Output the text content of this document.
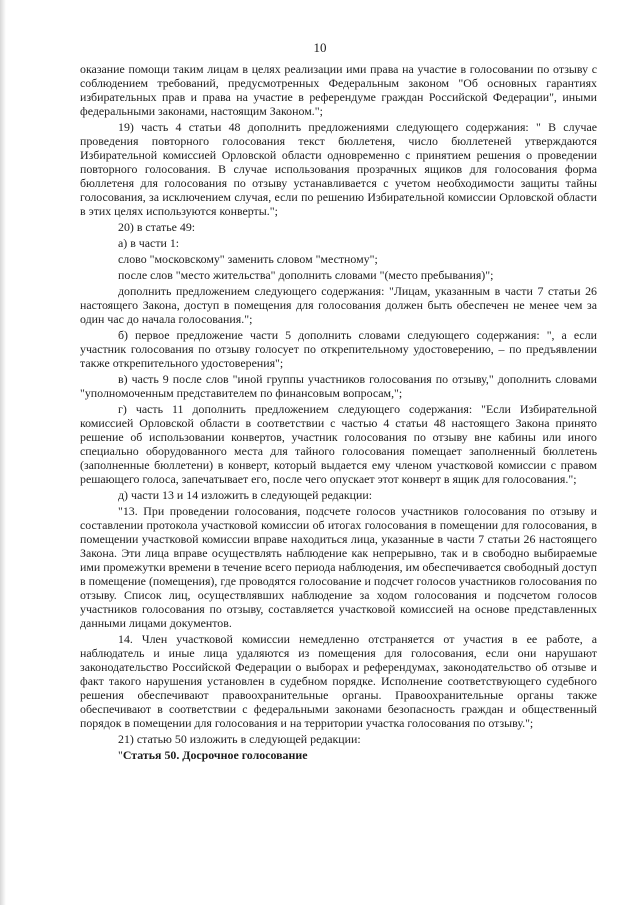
10

оказание помощи таким лицам в целях реализации ими права на участие в голосовании по отзыву с соблюдением требований, предусмотренных Федеральным законом "Об основных гарантиях избирательных прав и права на участие в референдуме граждан Российской Федерации", иными федеральными законами, настоящим Законом.";

19) часть 4 статьи 48 дополнить предложениями следующего содержания: " В случае проведения повторного голосования текст бюллетеня, число бюллетеней утверждаются Избирательной комиссией Орловской области одновременно с принятием решения о проведении повторного голосования. В случае использования прозрачных ящиков для голосования форма бюллетеня для голосования по отзыву устанавливается с учетом необходимости защиты тайны голосования, за исключением случая, если по решению Избирательной комиссии Орловской области в этих целях используются конверты.";

20) в статье 49:

а) в части 1:

слово "московскому" заменить словом "местному";

после слов "место жительства" дополнить словами "(место пребывания)";

дополнить предложением следующего содержания: "Лицам, указанным в части 7 статьи 26 настоящего Закона, доступ в помещения для голосования должен быть обеспечен не менее чем за один час до начала голосования.";

б) первое предложение части 5 дополнить словами следующего содержания: ", а если участник голосования по отзыву голосует по открепительному удостоверению, – по предъявлении также открепительного удостоверения";

в) часть 9 после слов "иной группы участников голосования по отзыву," дополнить словами "уполномоченным представителем по финансовым вопросам,";

г) часть 11 дополнить предложением следующего содержания: "Если Избирательной комиссией Орловской области в соответствии с частью 4 статьи 48 настоящего Закона принято решение об использовании конвертов, участник голосования по отзыву вне кабины или иного специально оборудованного места для тайного голосования помещает заполненный бюллетень (заполненные бюллетени) в конверт, который выдается ему членом участковой комиссии с правом решающего голоса, запечатывает его, после чего опускает этот конверт в ящик для голосования.";

д) части 13 и 14 изложить в следующей редакции:

"13. При проведении голосования, подсчете голосов участников голосования по отзыву и составлении протокола участковой комиссии об итогах голосования в помещении для голосования, в помещении участковой комиссии вправе находиться лица, указанные в части 7 статьи 26 настоящего Закона. Эти лица вправе осуществлять наблюдение как непрерывно, так и в свободно выбираемые ими промежутки времени в течение всего периода наблюдения, им обеспечивается свободный доступ в помещение (помещения), где проводятся голосование и подсчет голосов участников голосования по отзыву. Список лиц, осуществлявших наблюдение за ходом голосования и подсчетом голосов участников голосования по отзыву, составляется участковой комиссией на основе представленных данными лицами документов.

14. Член участковой комиссии немедленно отстраняется от участия в ее работе, а наблюдатель и иные лица удаляются из помещения для голосования, если они нарушают законодательство Российской Федерации о выборах и референдумах, законодательство об отзыве и факт такого нарушения установлен в судебном порядке. Исполнение соответствующего судебного решения обеспечивают правоохранительные органы. Правоохранительные органы также обеспечивают в соответствии с федеральными законами безопасность граждан и общественный порядок в помещении для голосования и на территории участка голосования по отзыву.";

21) статью 50 изложить в следующей редакции:

"Статья 50. Досрочное голосование
